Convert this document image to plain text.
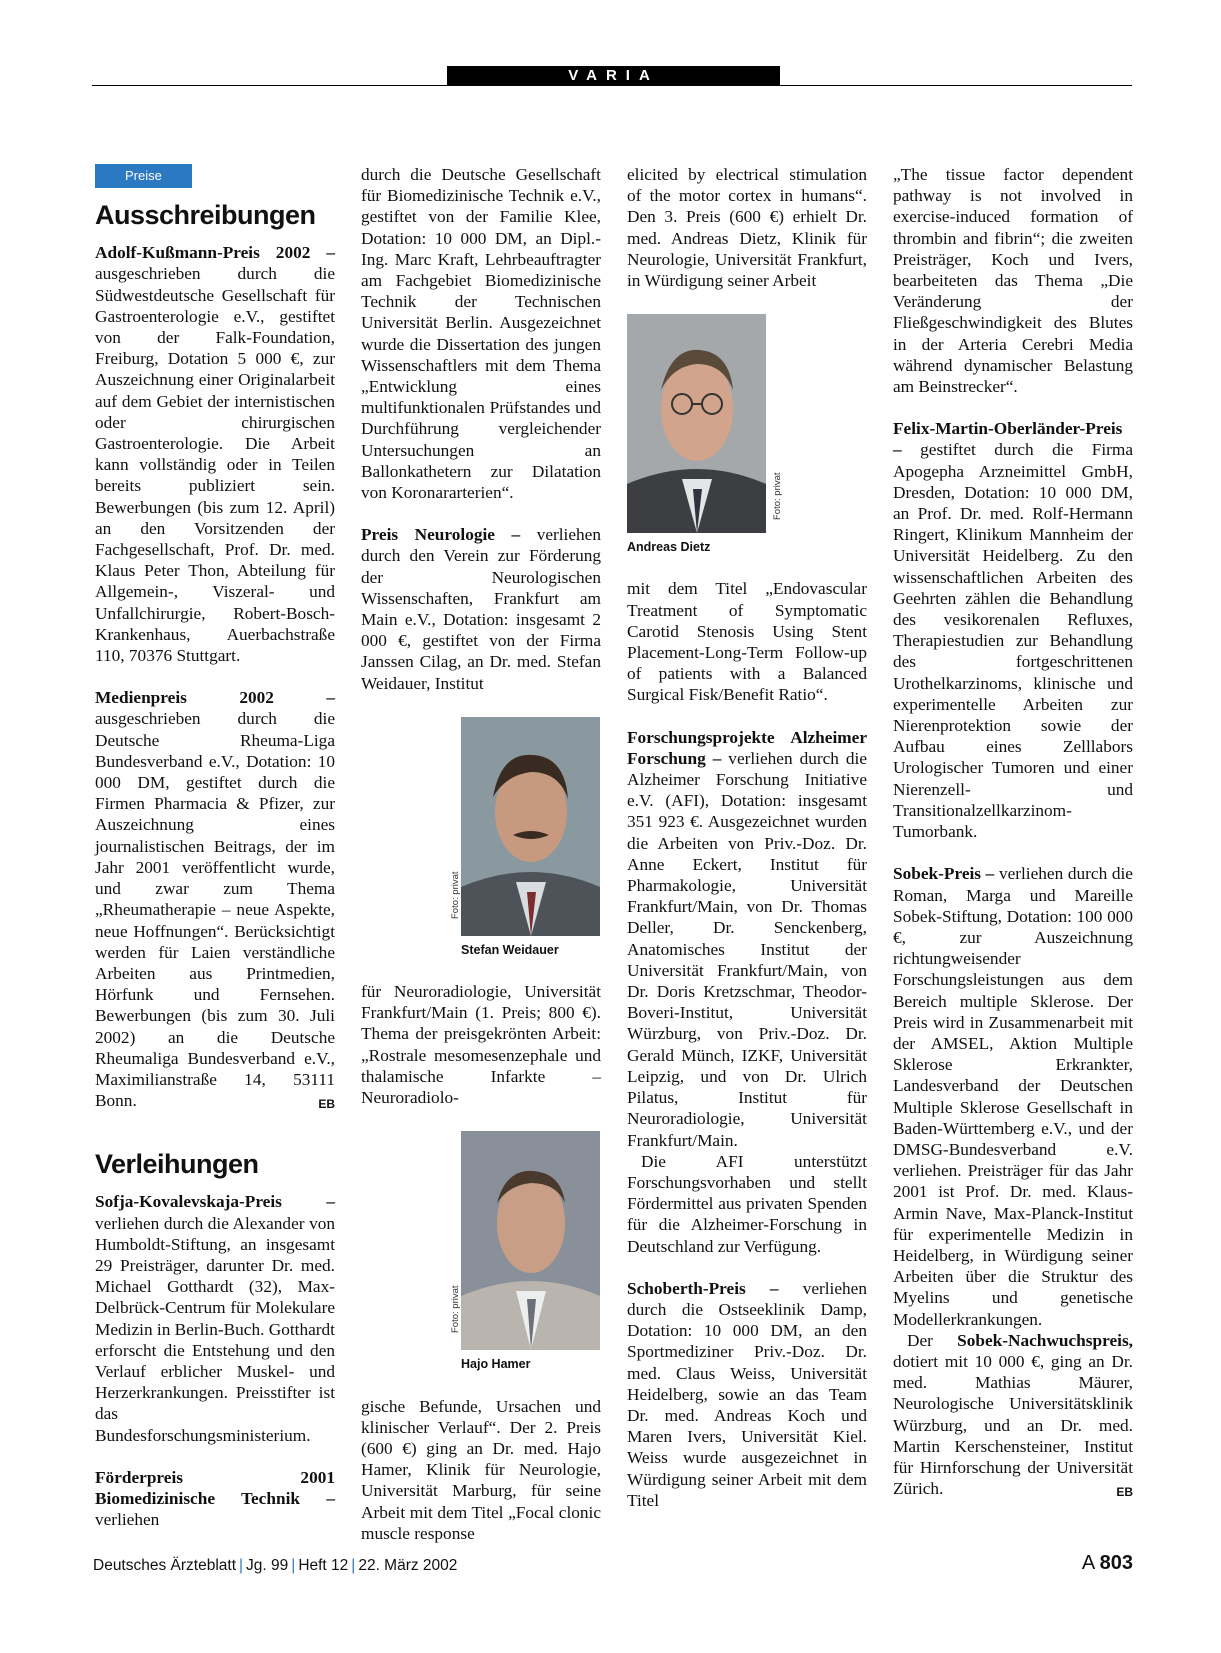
VARIA
Preise
Ausschreibungen

Adolf-Kußmann-Preis 2002 – ausgeschrieben durch die Südwestdeutsche Gesellschaft für Gastroenterologie e.V., gestiftet von der Falk-Foundation, Freiburg, Dotation 5 000 €, zur Auszeichnung einer Originalarbeit auf dem Gebiet der internistischen oder chirurgischen Gastroenterologie. Die Arbeit kann vollständig oder in Teilen bereits publiziert sein. Bewerbungen (bis zum 12. April) an den Vorsitzenden der Fachgesellschaft, Prof. Dr. med. Klaus Peter Thon, Abteilung für Allgemein-, Viszeral- und Unfallchirurgie, Robert-Bosch-Krankenhaus, Auerbachstraße 110, 70376 Stuttgart.

Medienpreis 2002 – ausgeschrieben durch die Deutsche Rheuma-Liga Bundesverband e.V., Dotation: 10 000 DM, gestiftet durch die Firmen Pharmacia & Pfizer, zur Auszeichnung eines journalistischen Beitrags, der im Jahr 2001 veröffentlicht wurde, und zwar zum Thema „Rheumatherapie – neue Aspekte, neue Hoffnungen“. Berücksichtigt werden für Laien verständliche Arbeiten aus Printmedien, Hörfunk und Fernsehen. Bewerbungen (bis zum 30. Juli 2002) an die Deutsche Rheumaliga Bundesverband e.V., Maximilianstraße 14, 53111 Bonn.	EB

Verleihungen

Sofja-Kovalevskaja-Preis – verliehen durch die Alexander von Humboldt-Stiftung, an insgesamt 29 Preisträger, darunter Dr. med. Michael Gotthardt (32), Max-Delbrück-Centrum für Molekulare Medizin in Berlin-Buch. Gotthardt erforscht die Entstehung und den Verlauf erblicher Muskel- und Herzerkrankungen. Preisstifter ist das Bundesforschungsministerium.

Förderpreis 2001 Biomedizinische Technik – verliehen

durch die Deutsche Gesellschaft für Biomedizinische Technik e.V., gestiftet von der Familie Klee, Dotation: 10 000 DM, an Dipl.-Ing. Marc Kraft, Lehrbeauftragter am Fachgebiet Biomedizinische Technik der Technischen Universität Berlin. Ausgezeichnet wurde die Dissertation des jungen Wissenschaftlers mit dem Thema „Entwicklung eines multifunktionalen Prüfstandes und Durchführung vergleichender Untersuchungen an Ballonkathetern zur Dilatation von Koronararterien“.

Preis Neurologie – verliehen durch den Verein zur Förderung der Neurologischen Wissenschaften, Frankfurt am Main e.V., Dotation: insgesamt 2 000 €, gestiftet von der Firma Janssen Cilag, an Dr. med. Stefan Weidauer, Institut

Foto: privat
Stefan Weidauer

für Neuroradiologie, Universität Frankfurt/Main (1. Preis; 800 €). Thema der preisgekrönten Arbeit: „Rostrale mesomesenzephale und thalamische Infarkte – Neuroradiolo-

Foto: privat
Hajo Hamer

gische Befunde, Ursachen und klinischer Verlauf“. Der 2. Preis (600 €) ging an Dr. med. Hajo Hamer, Klinik für Neurologie, Universität Marburg, für seine Arbeit mit dem Titel „Focal clonic muscle response

elicited by electrical stimulation of the motor cortex in humans“. Den 3. Preis (600 €) erhielt Dr. med. Andreas Dietz, Klinik für Neurologie, Universität Frankfurt, in Würdigung seiner Arbeit

Foto: privat
Andreas Dietz

mit dem Titel „Endovascular Treatment of Symptomatic Carotid Stenosis Using Stent Placement-Long-Term Follow-up of patients with a Balanced Surgical Fisk/Benefit Ratio“.

Forschungsprojekte Alzheimer Forschung – verliehen durch die Alzheimer Forschung Initiative e.V. (AFI), Dotation: insgesamt 351 923 €. Ausgezeichnet wurden die Arbeiten von Priv.-Doz. Dr. Anne Eckert, Institut für Pharmakologie, Universität Frankfurt/Main, von Dr. Thomas Deller, Dr. Senckenberg, Anatomisches Institut der Universität Frankfurt/Main, von Dr. Doris Kretzschmar, Theodor-Boveri-Institut, Universität Würzburg, von Priv.-Doz. Dr. Gerald Münch, IZKF, Universität Leipzig, und von Dr. Ulrich Pilatus, Institut für Neuroradiologie, Universität Frankfurt/Main.

Die AFI unterstützt Forschungsvorhaben und stellt Fördermittel aus privaten Spenden für die Alzheimer-Forschung in Deutschland zur Verfügung.

Schoberth-Preis – verliehen durch die Ostseeklinik Damp, Dotation: 10 000 DM, an den Sportmediziner Priv.-Doz. Dr. med. Claus Weiss, Universität Heidelberg, sowie an das Team Dr. med. Andreas Koch und Maren Ivers, Universität Kiel. Weiss wurde ausgezeichnet in Würdigung seiner Arbeit mit dem Titel

„The tissue factor dependent pathway is not involved in exercise-induced formation of thrombin and fibrin“; die zweiten Preisträger, Koch und Ivers, bearbeiteten das Thema „Die Veränderung der Fließgeschwindigkeit des Blutes in der Arteria Cerebri Media während dynamischer Belastung am Beinstrecker“.

Felix-Martin-Oberländer-Preis – gestiftet durch die Firma Apogepha Arzneimittel GmbH, Dresden, Dotation: 10 000 DM, an Prof. Dr. med. Rolf-Hermann Ringert, Klinikum Mannheim der Universität Heidelberg. Zu den wissenschaftlichen Arbeiten des Geehrten zählen die Behandlung des vesikorenalen Refluxes, Therapiestudien zur Behandlung des fortgeschrittenen Urothelkarzinoms, klinische und experimentelle Arbeiten zur Nierenprotektion sowie der Aufbau eines Zelllabors Urologischer Tumoren und einer Nierenzell- und Transitionalzellkarzinom-Tumorbank.

Sobek-Preis – verliehen durch die Roman, Marga und Mareille Sobek-Stiftung, Dotation: 100 000 €, zur Auszeichnung richtungweisender Forschungsleistungen aus dem Bereich multiple Sklerose. Der Preis wird in Zusammenarbeit mit der AMSEL, Aktion Multiple Sklerose Erkrankter, Landesverband der Deutschen Multiple Sklerose Gesellschaft in Baden-Württemberg e.V., und der DMSG-Bundesverband e.V. verliehen. Preisträger für das Jahr 2001 ist Prof. Dr. med. Klaus-Armin Nave, Max-Planck-Institut für experimentelle Medizin in Heidelberg, in Würdigung seiner Arbeiten über die Struktur des Myelins und genetische Modellerkrankungen.

Der Sobek-Nachwuchspreis, dotiert mit 10 000 €, ging an Dr. med. Mathias Mäurer, Neurologische Universitätsklinik Würzburg, und an Dr. med. Martin Kerschensteiner, Institut für Hirnforschung der Universität Zürich.	EB

Deutsches Ärzteblatt | Jg. 99 | Heft 12 | 22. März 2002	A 803
